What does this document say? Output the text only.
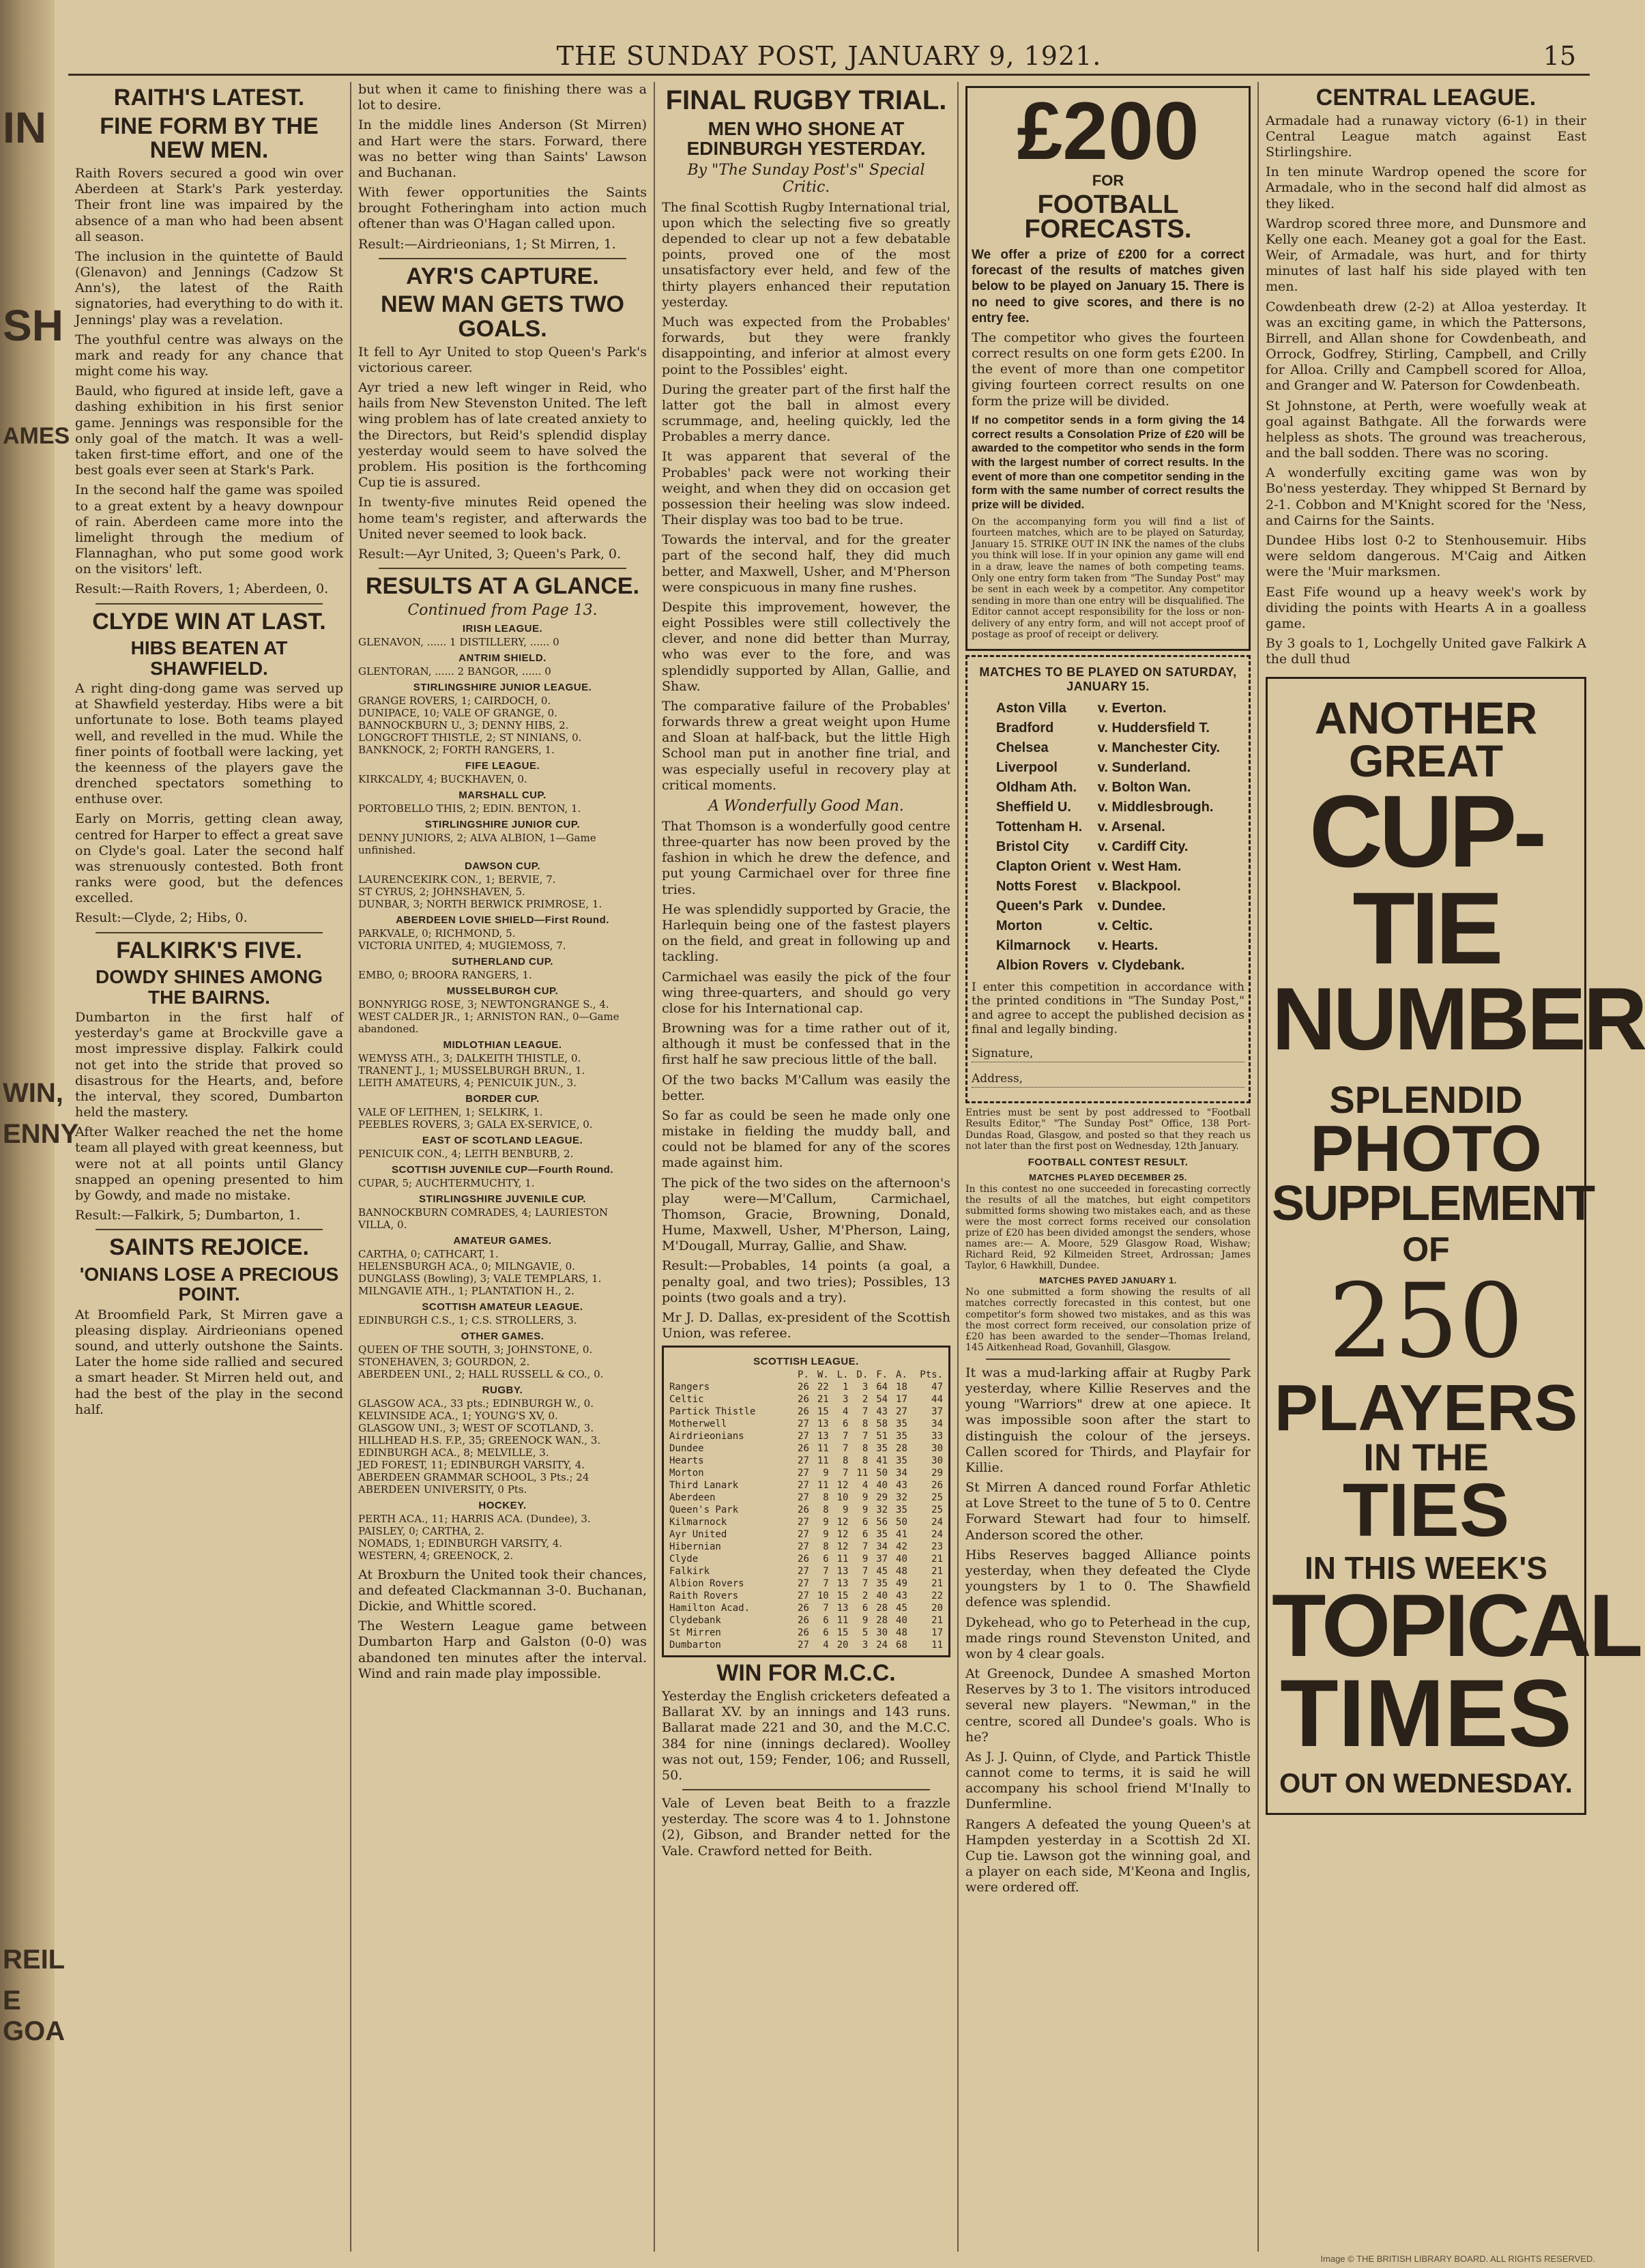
IN
SH
AMES
WIN,
ENNY
REIL
E GOA
THE SUNDAY POST, JANUARY 9, 1921.	15
RAITH'S LATEST.
FINE FORM BY THE NEW MEN.

Raith Rovers secured a good win over Aberdeen at Stark's Park yesterday. Their front line was impaired by the absence of a man who had been absent all season.

The inclusion in the quintette of Bauld (Glenavon) and Jennings (Cadzow St Ann's), the latest of the Raith signatories, had everything to do with it. Jennings' play was a revelation.

The youthful centre was always on the mark and ready for any chance that might come his way.

Bauld, who figured at inside left, gave a dashing exhibition in his first senior game. Jennings was responsible for the only goal of the match. It was a well-taken first-time effort, and one of the best goals ever seen at Stark's Park.

In the second half the game was spoiled to a great extent by a heavy downpour of rain. Aberdeen came more into the limelight through the medium of Flannaghan, who put some good work on the visitors' left.

Result:—Raith Rovers, 1; Aberdeen, 0.

CLYDE WIN AT LAST.
HIBS BEATEN AT SHAWFIELD.

A right ding-dong game was served up at Shawfield yesterday. Hibs were a bit unfortunate to lose. Both teams played well, and revelled in the mud. While the finer points of football were lacking, yet the keenness of the players gave the drenched spectators something to enthuse over.

Early on Morris, getting clean away, centred for Harper to effect a great save on Clyde's goal. Later the second half was strenuously contested. Both front ranks were good, but the defences excelled.

Result:—Clyde, 2; Hibs, 0.

FALKIRK'S FIVE.
DOWDY SHINES AMONG THE BAIRNS.

Dumbarton in the first half of yesterday's game at Brockville gave a most impressive display. Falkirk could not get into the stride that proved so disastrous for the Hearts, and, before the interval, they scored, Dumbarton held the mastery.

After Walker reached the net the home team all played with great keenness, but were not at all points until Glancy snapped an opening presented to him by Gowdy, and made no mistake.

Result:—Falkirk, 5; Dumbarton, 1.

SAINTS REJOICE.
'ONIANS LOSE A PRECIOUS POINT.

At Broomfield Park, St Mirren gave a pleasing display. Airdrieonians opened sound, and utterly outshone the Saints. Later the home side rallied and secured a smart header. St Mirren held out, and had the best of the play in the second half.

but when it came to finishing there was a lot to desire.

In the middle lines Anderson (St Mirren) and Hart were the stars. Forward, there was no better wing than Saints' Lawson and Buchanan.

With fewer opportunities the Saints brought Fotheringham into action much oftener than was O'Hagan called upon.

Result:—Airdrieonians, 1; St Mirren, 1.

AYR'S CAPTURE.
NEW MAN GETS TWO GOALS.

It fell to Ayr United to stop Queen's Park's victorious career.

Ayr tried a new left winger in Reid, who hails from New Stevenston United. The left wing problem has of late created anxiety to the Directors, but Reid's splendid display yesterday would seem to have solved the problem. His position is the forthcoming Cup tie is assured.

In twenty-five minutes Reid opened the home team's register, and afterwards the United never seemed to look back.

Result:—Ayr United, 3; Queen's Park, 0.

RESULTS AT A GLANCE.
Continued from Page 13.
IRISH LEAGUE.

GLENAVON, ...... 1 DISTILLERY, ...... 0

ANTRIM SHIELD.

GLENTORAN, ...... 2 BANGOR, ...... 0

STIRLINGSHIRE JUNIOR LEAGUE.

GRANGE ROVERS, 1; CAIRDOCH, 0.

DUNIPACE, 10; VALE OF GRANGE, 0.

BANNOCKBURN U., 3; DENNY HIBS, 2.

LONGCROFT THISTLE, 2; ST NINIANS, 0.

BANKNOCK, 2; FORTH RANGERS, 1.

FIFE LEAGUE.

KIRKCALDY, 4; BUCKHAVEN, 0.

MARSHALL CUP.

PORTOBELLO THIS, 2; EDIN. BENTON, 1.

STIRLINGSHIRE JUNIOR CUP.

DENNY JUNIORS, 2; ALVA ALBION, 1—Game unfinished.

DAWSON CUP.

LAURENCEKIRK CON., 1; BERVIE, 7.

ST CYRUS, 2; JOHNSHAVEN, 5.

DUNBAR, 3; NORTH BERWICK PRIMROSE, 1.

ABERDEEN LOVIE SHIELD—First Round.

PARKVALE, 0; RICHMOND, 5.

VICTORIA UNITED, 4; MUGIEMOSS, 7.

SUTHERLAND CUP.

EMBO, 0; BROORA RANGERS, 1.

MUSSELBURGH CUP.

BONNYRIGG ROSE, 3; NEWTONGRANGE S., 4.

WEST CALDER JR., 1; ARNISTON RAN., 0—Game abandoned.

MIDLOTHIAN LEAGUE.

WEMYSS ATH., 3; DALKEITH THISTLE, 0.

TRANENT J., 1; MUSSELBURGH BRUN., 1.

LEITH AMATEURS, 4; PENICUIK JUN., 3.

BORDER CUP.

VALE OF LEITHEN, 1; SELKIRK, 1.

PEEBLES ROVERS, 3; GALA EX-SERVICE, 0.

EAST OF SCOTLAND LEAGUE.

PENICUIK CON., 4; LEITH BENBURB, 2.

SCOTTISH JUVENILE CUP—Fourth Round.

CUPAR, 5; AUCHTERMUCHTY, 1.

STIRLINGSHIRE JUVENILE CUP.

BANNOCKBURN COMRADES, 4; LAURIESTON VILLA, 0.

AMATEUR GAMES.

CARTHA, 0; CATHCART, 1.

HELENSBURGH ACA., 0; MILNGAVIE, 0.

DUNGLASS (Bowling), 3; VALE TEMPLARS, 1.

MILNGAVIE ATH., 1; PLANTATION H., 2.

SCOTTISH AMATEUR LEAGUE.

EDINBURGH C.S., 1; C.S. STROLLERS, 3.

OTHER GAMES.

QUEEN OF THE SOUTH, 3; JOHNSTONE, 0.

STONEHAVEN, 3; GOURDON, 2.

ABERDEEN UNI., 2; HALL RUSSELL & CO., 0.

RUGBY.

GLASGOW ACA., 33 pts.; EDINBURGH W., 0.

KELVINSIDE ACA., 1; YOUNG'S XV, 0.

GLASGOW UNI., 3; WEST OF SCOTLAND, 3.

HILLHEAD H.S. F.P., 35; GREENOCK WAN., 3.

EDINBURGH ACA., 8; MELVILLE, 3.

JED FOREST, 11; EDINBURGH VARSITY, 4.

ABERDEEN GRAMMAR SCHOOL, 3 Pts.; 24 ABERDEEN UNIVERSITY, 0 Pts.

HOCKEY.

PERTH ACA., 11; HARRIS ACA. (Dundee), 3.

PAISLEY, 0; CARTHA, 2.

NOMADS, 1; EDINBURGH VARSITY, 4.

WESTERN, 4; GREENOCK, 2.

At Broxburn the United took their chances, and defeated Clackmannan 3-0. Buchanan, Dickie, and Whittle scored.

The Western League game between Dumbarton Harp and Galston (0-0) was abandoned ten minutes after the interval. Wind and rain made play impossible.

FINAL RUGBY TRIAL.
MEN WHO SHONE AT EDINBURGH YESTERDAY.
By "The Sunday Post's" Special Critic.

The final Scottish Rugby International trial, upon which the selecting five so greatly depended to clear up not a few debatable points, proved one of the most unsatisfactory ever held, and few of the thirty players enhanced their reputation yesterday.

Much was expected from the Probables' forwards, but they were frankly disappointing, and inferior at almost every point to the Possibles' eight.

During the greater part of the first half the latter got the ball in almost every scrummage, and, heeling quickly, led the Probables a merry dance.

It was apparent that several of the Probables' pack were not working their weight, and when they did on occasion get possession their heeling was slow indeed. Their display was too bad to be true.

Towards the interval, and for the greater part of the second half, they did much better, and Maxwell, Usher, and M'Pherson were conspicuous in many fine rushes.

Despite this improvement, however, the eight Possibles were still collectively the clever, and none did better than Murray, who was ever to the fore, and was splendidly supported by Allan, Gallie, and Shaw.

The comparative failure of the Probables' forwards threw a great weight upon Hume and Sloan at half-back, but the little High School man put in another fine trial, and was especially useful in recovery play at critical moments.

A Wonderfully Good Man.

That Thomson is a wonderfully good centre three-quarter has now been proved by the fashion in which he drew the defence, and put young Carmichael over for three fine tries.

He was splendidly supported by Gracie, the Harlequin being one of the fastest players on the field, and great in following up and tackling.

Carmichael was easily the pick of the four wing three-quarters, and should go very close for his International cap.

Browning was for a time rather out of it, although it must be confessed that in the first half he saw precious little of the ball.

Of the two backs M'Callum was easily the better.

So far as could be seen he made only one mistake in fielding the muddy ball, and could not be blamed for any of the scores made against him.

The pick of the two sides on the afternoon's play were—M'Callum, Carmichael, Thomson, Gracie, Browning, Donald, Hume, Maxwell, Usher, M'Pherson, Laing, M'Dougall, Murray, Gallie, and Shaw.

Result:—Probables, 14 points (a goal, a penalty goal, and two tries); Possibles, 13 points (two goals and a try).

Mr J. D. Dallas, ex-president of the Scottish Union, was referee.

SCOTTISH LEAGUE.
	P.	W.	L.	D.	F.	A.	Pts.
Rangers	26	22	1	3	64	18	47
Celtic	26	21	3	2	54	17	44
Partick Thistle	26	15	4	7	43	27	37
Motherwell	27	13	6	8	58	35	34
Airdrieonians	27	13	7	7	51	35	33
Dundee	26	11	7	8	35	28	30
Hearts	27	11	8	8	41	35	30
Morton	27	9	7	11	50	34	29
Third Lanark	27	11	12	4	40	43	26
Aberdeen	27	8	10	9	29	32	25
Queen's Park	26	8	9	9	32	35	25
Kilmarnock	27	9	12	6	56	50	24
Ayr United	27	9	12	6	35	41	24
Hibernian	27	8	12	7	34	42	23
Clyde	26	6	11	9	37	40	21
Falkirk	27	7	13	7	45	48	21
Albion Rovers	27	7	13	7	35	49	21
Raith Rovers	27	10	15	2	40	43	22
Hamilton Acad.	26	7	13	6	28	45	20
Clydebank	26	6	11	9	28	40	21
St Mirren	26	6	15	5	30	48	17
Dumbarton	27	4	20	3	24	68	11
WIN FOR M.C.C.

Yesterday the English cricketers defeated a Ballarat XV. by an innings and 143 runs. Ballarat made 221 and 30, and the M.C.C. 384 for nine (innings declared). Woolley was not out, 159; Fender, 106; and Russell, 50.

Vale of Leven beat Beith to a frazzle yesterday. The score was 4 to 1. Johnstone (2), Gibson, and Brander netted for the Vale. Crawford netted for Beith.

£200
FOR
FOOTBALL FORECASTS.

We offer a prize of £200 for a correct forecast of the results of matches given below to be played on January 15. There is no need to give scores, and there is no entry fee.

The competitor who gives the fourteen correct results on one form gets £200. In the event of more than one competitor giving fourteen correct results on one form the prize will be divided.

If no competitor sends in a form giving the 14 correct results a Consolation Prize of £20 will be awarded to the competitor who sends in the form with the largest number of correct results. In the event of more than one competitor sending in the form with the same number of correct results the prize will be divided.

On the accompanying form you will find a list of fourteen matches, which are to be played on Saturday, January 15. STRIKE OUT IN INK the names of the clubs you think will lose. If in your opinion any game will end in a draw, leave the names of both competing teams. Only one entry form taken from "The Sunday Post" may be sent in each week by a competitor. Any competitor sending in more than one entry will be disqualified. The Editor cannot accept responsibility for the loss or non-delivery of any entry form, and will not accept proof of postage as proof of receipt or delivery.

MATCHES TO BE PLAYED ON SATURDAY, JANUARY 15.
Aston Villa	v. Everton.
Bradford	v. Huddersfield T.
Chelsea	v. Manchester City.
Liverpool	v. Sunderland.
Oldham Ath.	v. Bolton Wan.
Sheffield U.	v. Middlesbrough.
Tottenham H.	v. Arsenal.
Bristol City	v. Cardiff City.
Clapton Orient	v. West Ham.
Notts Forest	v. Blackpool.
Queen's Park	v. Dundee.
Morton	v. Celtic.
Kilmarnock	v. Hearts.
Albion Rovers	v. Clydebank.

I enter this competition in accordance with the printed conditions in "The Sunday Post," and agree to accept the published decision as final and legally binding.

Signature,
Address,

Entries must be sent by post addressed to "Football Results Editor," "The Sunday Post" Office, 138 Port-Dundas Road, Glasgow, and posted so that they reach us not later than the first post on Wednesday, 12th January.

FOOTBALL CONTEST RESULT.
MATCHES PLAYED DECEMBER 25.

In this contest no one succeeded in forecasting correctly the results of all the matches, but eight competitors submitted forms showing two mistakes each, and as these were the most correct forms received our consolation prize of £20 has been divided amongst the senders, whose names are:— A. Moore, 529 Glasgow Road, Wishaw; Richard Reid, 92 Kilmeiden Street, Ardrossan; James Taylor, 6 Hawkhill, Dundee.

MATCHES PAYED JANUARY 1.

No one submitted a form showing the results of all matches correctly forecasted in this contest, but one competitor's form showed two mistakes, and as this was the most correct form received, our consolation prize of £20 has been awarded to the sender—Thomas Ireland, 145 Aitkenhead Road, Govanhill, Glasgow.

It was a mud-larking affair at Rugby Park yesterday, where Killie Reserves and the young "Warriors" drew at one apiece. It was impossible soon after the start to distinguish the colour of the jerseys. Callen scored for Thirds, and Playfair for Killie.

St Mirren A danced round Forfar Athletic at Love Street to the tune of 5 to 0. Centre Forward Stewart had four to himself. Anderson scored the other.

Hibs Reserves bagged Alliance points yesterday, when they defeated the Clyde youngsters by 1 to 0. The Shawfield defence was splendid.

Dykehead, who go to Peterhead in the cup, made rings round Stevenston United, and won by 4 clear goals.

At Greenock, Dundee A smashed Morton Reserves by 3 to 1. The visitors introduced several new players. "Newman," in the centre, scored all Dundee's goals. Who is he?

As J. J. Quinn, of Clyde, and Partick Thistle cannot come to terms, it is said he will accompany his school friend M'Inally to Dunfermline.

Rangers A defeated the young Queen's at Hampden yesterday in a Scottish 2d XI. Cup tie. Lawson got the winning goal, and a player on each side, M'Keona and Inglis, were ordered off.

CENTRAL LEAGUE.

Armadale had a runaway victory (6-1) in their Central League match against East Stirlingshire.

In ten minute Wardrop opened the score for Armadale, who in the second half did almost as they liked.

Wardrop scored three more, and Dunsmore and Kelly one each. Meaney got a goal for the East. Weir, of Armadale, was hurt, and for thirty minutes of last half his side played with ten men.

Cowdenbeath drew (2-2) at Alloa yesterday. It was an exciting game, in which the Pattersons, Birrell, and Allan shone for Cowdenbeath, and Orrock, Godfrey, Stirling, Campbell, and Crilly for Alloa. Crilly and Campbell scored for Alloa, and Granger and W. Paterson for Cowdenbeath.

St Johnstone, at Perth, were woefully weak at goal against Bathgate. All the forwards were helpless as shots. The ground was treacherous, and the ball sodden. There was no scoring.

A wonderfully exciting game was won by Bo'ness yesterday. They whipped St Bernard by 2-1. Cobbon and M'Knight scored for the 'Ness, and Cairns for the Saints.

Dundee Hibs lost 0-2 to Stenhousemuir. Hibs were seldom dangerous. M'Caig and Aitken were the 'Muir marksmen.

East Fife wound up a heavy week's work by dividing the points with Hearts A in a goalless game.

By 3 goals to 1, Lochgelly United gave Falkirk A the dull thud

ANOTHER
GREAT
CUP-TIE
NUMBER
SPLENDID
PHOTO
SUPPLEMENT
OF
250
PLAYERS
IN THE
TIES
IN THIS WEEK'S
TOPICAL
TIMES
OUT ON WEDNESDAY.
Image © THE BRITISH LIBRARY BOARD. ALL RIGHTS RESERVED.
